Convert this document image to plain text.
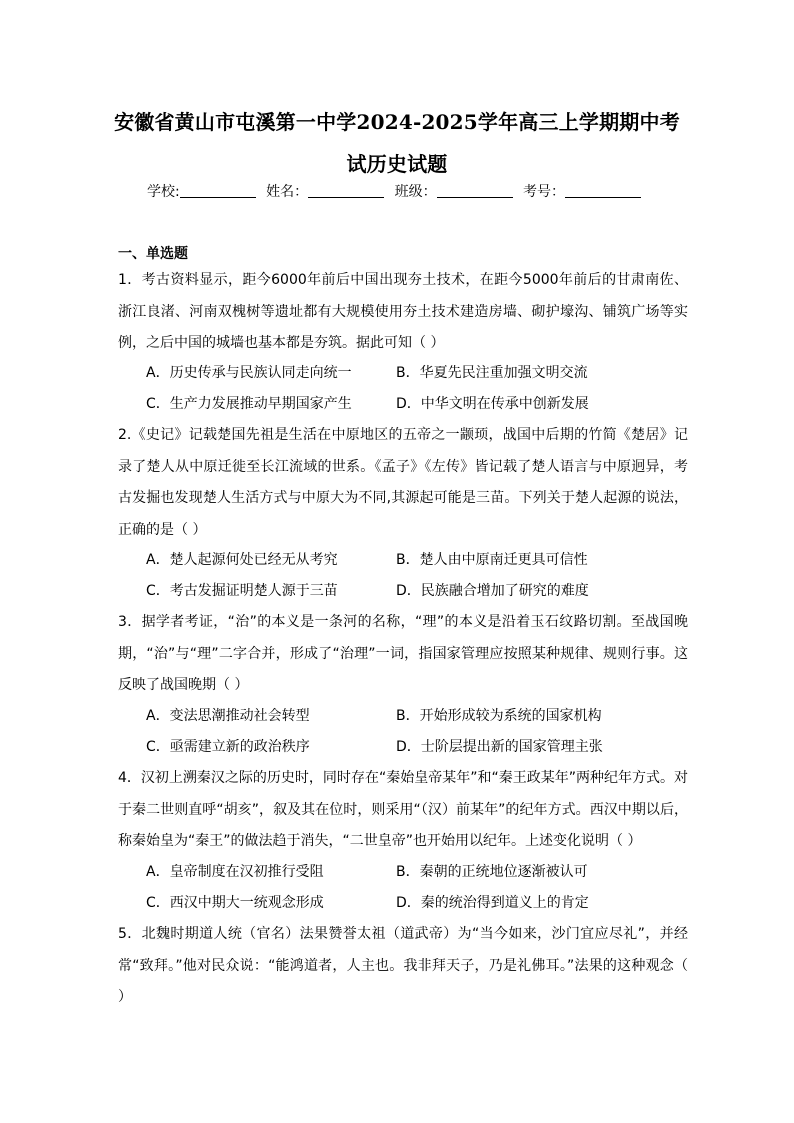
安徽省黄山市屯溪第一中学2024-2025学年高三上学期期中考
试历史试题
学校:	姓名：	班级：	考号：
一、单选题
1．考古资料显示，距今6000年前后中国出现夯土技术，在距今5000年前后的甘肃南佐、浙江良渚、河南双槐树等遗址都有大规模使用夯土技术建造房墙、砌护壕沟、铺筑广场等实例，之后中国的城墙也基本都是夯筑。据此可知（ ）
A．历史传承与民族认同走向统一	B．华夏先民注重加强文明交流
C．生产力发展推动早期国家产生	D．中华文明在传承中创新发展
2.《史记》记载楚国先祖是生活在中原地区的五帝之一颛顼，战国中后期的竹简《楚居》记录了楚人从中原迁徙至长江流域的世系。《孟子》《左传》皆记载了楚人语言与中原迥异，考古发掘也发现楚人生活方式与中原大为不同,其源起可能是三苗。下列关于楚人起源的说法，正确的是（ ）
A．楚人起源何处已经无从考究	B．楚人由中原南迁更具可信性
C．考古发掘证明楚人源于三苗	D．民族融合增加了研究的难度
3．据学者考证，“治”的本义是一条河的名称，“理”的本义是沿着玉石纹路切割。至战国晚期，“治”与“理”二字合并，形成了“治理”一词，指国家管理应按照某种规律、规则行事。这反映了战国晚期（ ）
A．变法思潮推动社会转型	B．开始形成较为系统的国家机构
C．亟需建立新的政治秩序	D．士阶层提出新的国家管理主张
4．汉初上溯秦汉之际的历史时，同时存在“秦始皇帝某年”和“秦王政某年”两种纪年方式。对于秦二世则直呼“胡亥”，叙及其在位时，则采用“（汉）前某年”的纪年方式。西汉中期以后，称秦始皇为“秦王”的做法趋于消失，“二世皇帝”也开始用以纪年。上述变化说明（ ）
A．皇帝制度在汉初推行受阻	B．秦朝的正统地位逐渐被认可
C．西汉中期大一统观念形成	D．秦的统治得到道义上的肯定
5．北魏时期道人统（官名）法果赞誉太祖（道武帝）为“当今如来，沙门宜应尽礼”，并经常“致拜。”他对民众说：“能鸿道者，人主也。我非拜天子，乃是礼佛耳。”法果的这种观念（ ）
